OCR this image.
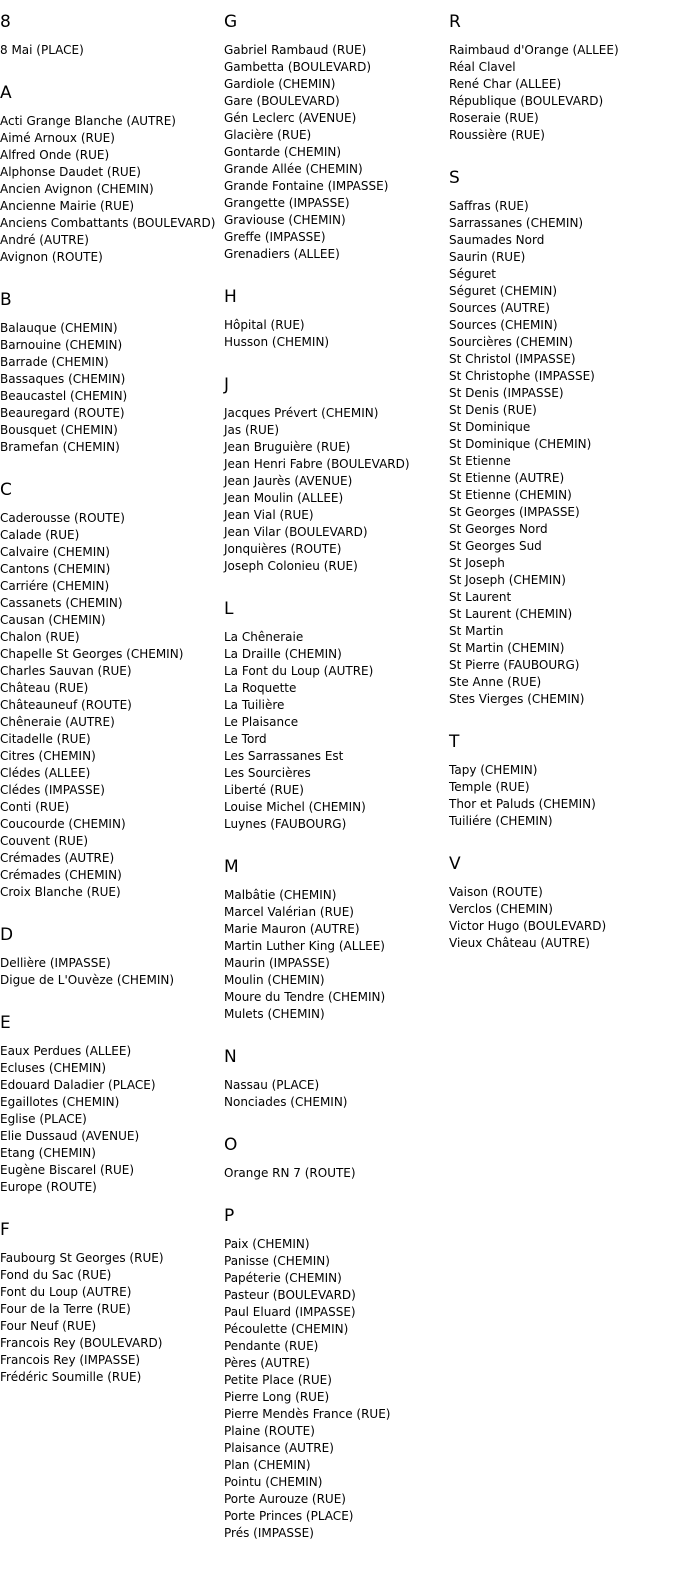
8
8 Mai (PLACE)
A
Acti Grange Blanche (AUTRE)
Aimé Arnoux (RUE)
Alfred Onde (RUE)
Alphonse Daudet (RUE)
Ancien Avignon (CHEMIN)
Ancienne Mairie (RUE)
Anciens Combattants (BOULEVARD)
André (AUTRE)
Avignon (ROUTE)
B
Balauque (CHEMIN)
Barnouine (CHEMIN)
Barrade (CHEMIN)
Bassaques (CHEMIN)
Beaucastel (CHEMIN)
Beauregard (ROUTE)
Bousquet (CHEMIN)
Bramefan (CHEMIN)
C
Caderousse (ROUTE)
Calade (RUE)
Calvaire (CHEMIN)
Cantons (CHEMIN)
Carriére (CHEMIN)
Cassanets (CHEMIN)
Causan (CHEMIN)
Chalon (RUE)
Chapelle St Georges (CHEMIN)
Charles Sauvan (RUE)
Château (RUE)
Châteauneuf (ROUTE)
Chêneraie (AUTRE)
Citadelle (RUE)
Citres (CHEMIN)
Clédes (ALLEE)
Clédes (IMPASSE)
Conti (RUE)
Coucourde (CHEMIN)
Couvent (RUE)
Crémades (AUTRE)
Crémades (CHEMIN)
Croix Blanche (RUE)
D
Dellière (IMPASSE)
Digue de L'Ouvèze (CHEMIN)
E
Eaux Perdues (ALLEE)
Ecluses (CHEMIN)
Edouard Daladier (PLACE)
Egaillotes (CHEMIN)
Eglise (PLACE)
Elie Dussaud (AVENUE)
Etang (CHEMIN)
Eugène Biscarel (RUE)
Europe (ROUTE)
F
Faubourg St Georges (RUE)
Fond du Sac (RUE)
Font du Loup (AUTRE)
Four de la Terre (RUE)
Four Neuf (RUE)
Francois Rey (BOULEVARD)
Francois Rey (IMPASSE)
Frédéric Soumille (RUE)
G
Gabriel Rambaud (RUE)
Gambetta (BOULEVARD)
Gardiole (CHEMIN)
Gare (BOULEVARD)
Gén Leclerc (AVENUE)
Glacière (RUE)
Gontarde (CHEMIN)
Grande Allée (CHEMIN)
Grande Fontaine (IMPASSE)
Grangette (IMPASSE)
Graviouse (CHEMIN)
Greffe (IMPASSE)
Grenadiers (ALLEE)
H
Hôpital (RUE)
Husson (CHEMIN)
J
Jacques Prévert (CHEMIN)
Jas (RUE)
Jean Bruguière (RUE)
Jean Henri Fabre (BOULEVARD)
Jean Jaurès (AVENUE)
Jean Moulin (ALLEE)
Jean Vial (RUE)
Jean Vilar (BOULEVARD)
Jonquières (ROUTE)
Joseph Colonieu (RUE)
L
La Chêneraie
La Draille (CHEMIN)
La Font du Loup (AUTRE)
La Roquette
La Tuilière
Le Plaisance
Le Tord
Les Sarrassanes Est
Les Sourcières
Liberté (RUE)
Louise Michel (CHEMIN)
Luynes (FAUBOURG)
M
Malbâtie (CHEMIN)
Marcel Valérian (RUE)
Marie Mauron (AUTRE)
Martin Luther King (ALLEE)
Maurin (IMPASSE)
Moulin (CHEMIN)
Moure du Tendre (CHEMIN)
Mulets (CHEMIN)
N
Nassau (PLACE)
Nonciades (CHEMIN)
O
Orange RN 7 (ROUTE)
P
Paix (CHEMIN)
Panisse (CHEMIN)
Papéterie (CHEMIN)
Pasteur (BOULEVARD)
Paul Eluard (IMPASSE)
Pécoulette (CHEMIN)
Pendante (RUE)
Pères (AUTRE)
Petite Place (RUE)
Pierre Long (RUE)
Pierre Mendès France (RUE)
Plaine (ROUTE)
Plaisance (AUTRE)
Plan (CHEMIN)
Pointu (CHEMIN)
Porte Aurouze (RUE)
Porte Princes (PLACE)
Prés (IMPASSE)
R
Raimbaud d'Orange (ALLEE)
Réal Clavel
René Char (ALLEE)
République (BOULEVARD)
Roseraie (RUE)
Roussière (RUE)
S
Saffras (RUE)
Sarrassanes (CHEMIN)
Saumades Nord
Saurin (RUE)
Séguret
Séguret (CHEMIN)
Sources (AUTRE)
Sources (CHEMIN)
Sourcières (CHEMIN)
St Christol (IMPASSE)
St Christophe (IMPASSE)
St Denis (IMPASSE)
St Denis (RUE)
St Dominique
St Dominique (CHEMIN)
St Etienne
St Etienne (AUTRE)
St Etienne (CHEMIN)
St Georges (IMPASSE)
St Georges Nord
St Georges Sud
St Joseph
St Joseph (CHEMIN)
St Laurent
St Laurent (CHEMIN)
St Martin
St Martin (CHEMIN)
St Pierre (FAUBOURG)
Ste Anne (RUE)
Stes Vierges (CHEMIN)
T
Tapy (CHEMIN)
Temple (RUE)
Thor et Paluds (CHEMIN)
Tuiliére (CHEMIN)
V
Vaison (ROUTE)
Verclos (CHEMIN)
Victor Hugo (BOULEVARD)
Vieux Château (AUTRE)
